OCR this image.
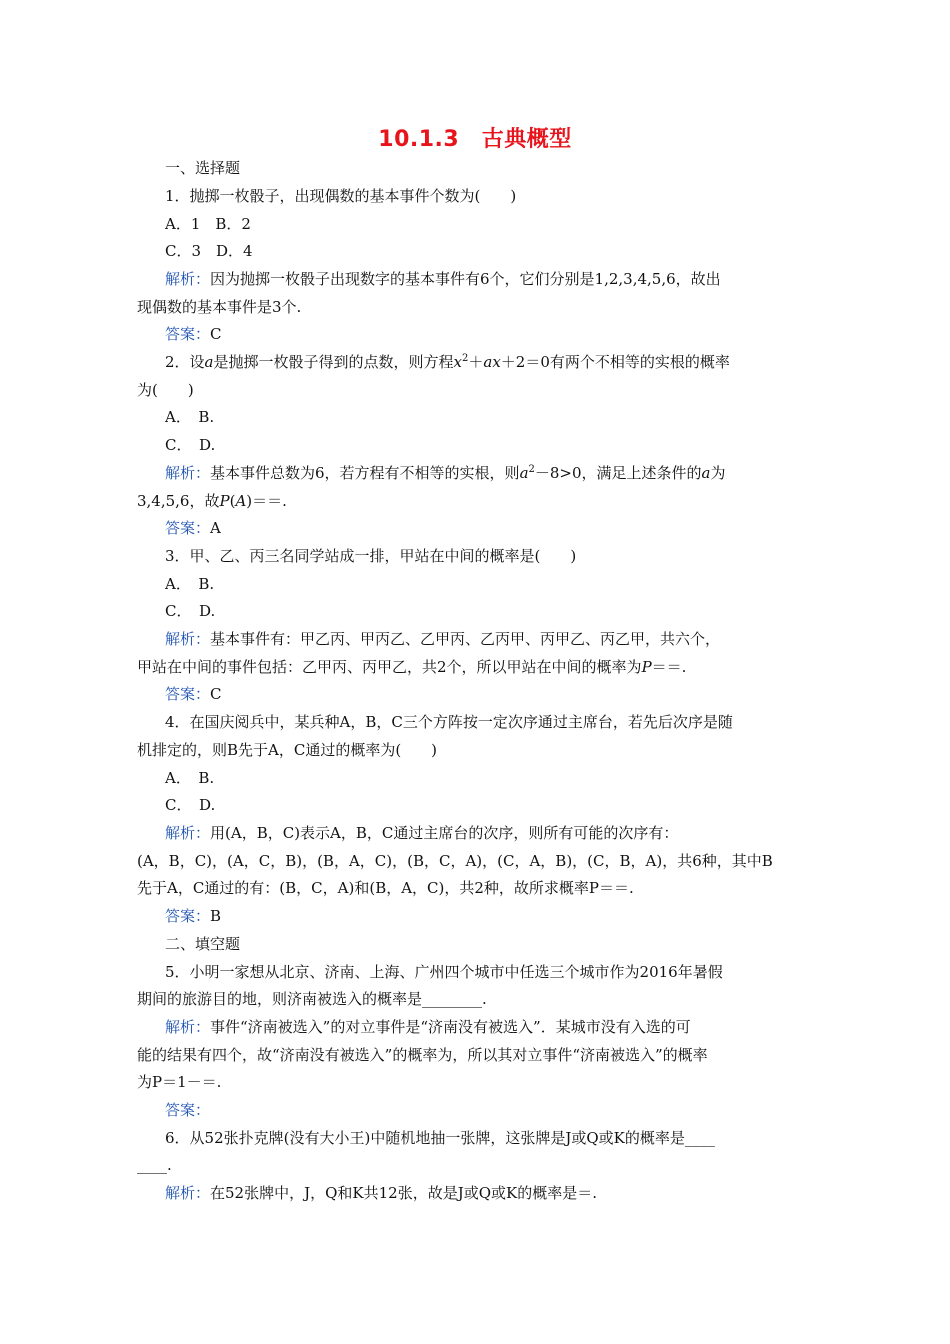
10.1.3　古典概型
一、选择题
1．抛掷一枚骰子，出现偶数的基本事件个数为(　　)
A．1　B．2
C．3　D．4
解析：因为抛掷一枚骰子出现数字的基本事件有6个，它们分别是1,2,3,4,5,6，故出
现偶数的基本事件是3个.
答案：C
2．设a是抛掷一枚骰子得到的点数，则方程$x^2+ax+2=0$有两个不相等的实根的概率
为(　　)
A．　B.
C．　D.
解析：基本事件总数为6，若方程有不相等的实根，则$a^2-8>0$，满足上述条件的a为
3,4,5,6，故P(A)＝＝.
答案：A
3．甲、乙、丙三名同学站成一排，甲站在中间的概率是(　　)
A．　B.
C．　D.
解析：基本事件有：甲乙丙、甲丙乙、乙甲丙、乙丙甲、丙甲乙、丙乙甲，共六个，
甲站在中间的事件包括：乙甲丙、丙甲乙，共2个，所以甲站在中间的概率为P＝＝.
答案：C
4．在国庆阅兵中，某兵种A，B，C三个方阵按一定次序通过主席台，若先后次序是随
机排定的，则B先于A，C通过的概率为(　　)
A．　B.
C．　D.
解析：用(A，B，C)表示A，B，C通过主席台的次序，则所有可能的次序有：
(A，B，C)，(A，C，B)，(B，A，C)，(B，C，A)，(C，A，B)，(C，B，A)，共6种，其中B
先于A，C通过的有：(B，C，A)和(B，A，C)，共2种，故所求概率P＝＝.
答案：B
二、填空题
5．小明一家想从北京、济南、上海、广州四个城市中任选三个城市作为2016年暑假
期间的旅游目的地，则济南被选入的概率是________.
解析：事件“济南被选入”的对立事件是“济南没有被选入”．某城市没有入选的可
能的结果有四个，故“济南没有被选入”的概率为，所以其对立事件“济南被选入”的概率
为P＝1－＝.
答案：
6．从52张扑克牌(没有大小王)中随机地抽一张牌，这张牌是J或Q或K的概率是____
____.
解析：在52张牌中，J，Q和K共12张，故是J或Q或K的概率是＝.
